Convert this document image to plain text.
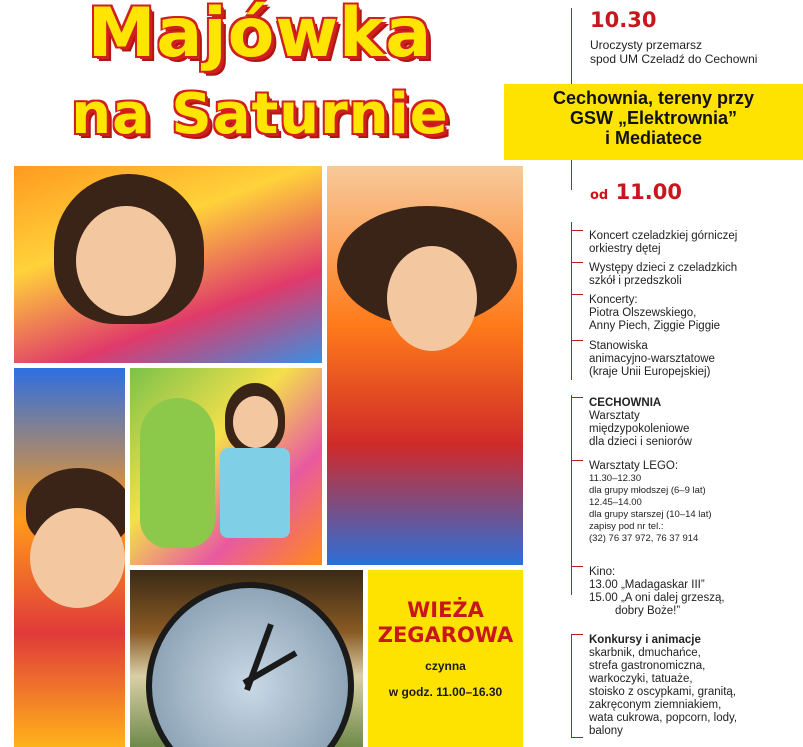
Majówka
na Saturnie
WIEŻA
ZEGAROWA
czynna
w godz. 11.00–16.30
10.30
Uroczysty przemarsz
spod UM Czeladź do Cechowni
Cechownia, tereny przy
GSW „Elektrownia”
i Mediatece
od 11.00
Koncert czeladzkiej górniczej
orkiestry dętej
Występy dzieci z czeladzkich
szkół i przedszkoli
Koncerty:
Piotra Olszewskiego,
Anny Piech, Ziggie Piggie
Stanowiska
animacyjno-warsztatowe
(kraje Unii Europejskiej)
CECHOWNIA
Warsztaty
międzypokoleniowe
dla dzieci i seniorów
Warsztaty LEGO:
11.30–12.30
dla grupy młodszej (6–9 lat)
12.45–14.00
dla grupy starszej (10–14 lat)
zapisy pod nr tel.:
(32) 76 37 972, 76 37 914
Kino:
13.00 „Madagaskar III”
15.00 „A oni dalej grzeszą,
dobry Boże!”
Konkursy i animacje
skarbnik, dmuchańce,
strefa gastronomiczna,
warkoczyki, tatuaże,
stoisko z oscypkami, granitą,
zakręconym ziemniakiem,
wata cukrowa, popcorn, lody,
balony
